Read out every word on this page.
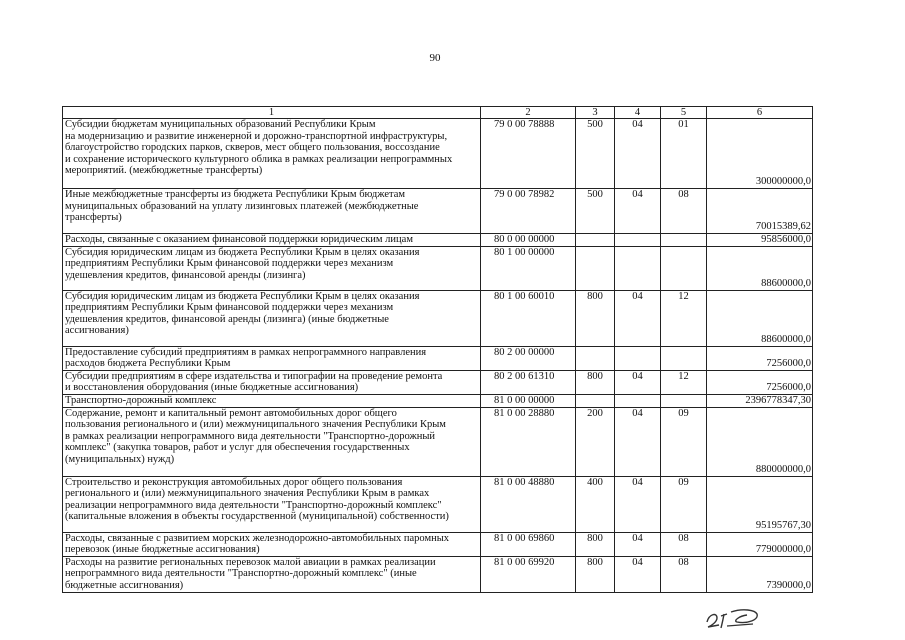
90
1	2	3	4	5	6
Субсидии бюджетам муниципальных образований Республики Крым
на модернизацию и развитие инженерной и дорожно-транспортной инфраструктуры,
благоустройство городских парков, скверов, мест общего пользования, воссоздание
и сохранение исторического культурного облика в рамках реализации непрограммных
мероприятий. (межбюджетные трансферты)	79 0 00 78888	500	04	01	300000000,0
Иные межбюджетные трансферты из бюджета Республики Крым бюджетам
муниципальных образований на уплату лизинговых платежей (межбюджетные
трансферты)	79 0 00 78982	500	04	08	70015389,62
Расходы, связанные с оказанием финансовой поддержки юридическим лицам	80 0 00 00000				95856000,0
Субсидия юридическим лицам из бюджета Республики Крым в целях оказания
предприятиям Республики Крым финансовой поддержки через механизм
удешевления кредитов, финансовой аренды (лизинга)	80 1 00 00000				88600000,0
Субсидия юридическим лицам из бюджета Республики Крым в целях оказания
предприятиям Республики Крым финансовой поддержки через механизм
удешевления кредитов, финансовой аренды (лизинга) (иные бюджетные
ассигнования)	80 1 00 60010	800	04	12	88600000,0
Предоставление субсидий предприятиям в рамках непрограммного направления
расходов бюджета Республики Крым	80 2 00 00000				7256000,0
Субсидии предприятиям в сфере издательства и типографии на проведение ремонта
и восстановления оборудования (иные бюджетные ассигнования)	80 2 00 61310	800	04	12	7256000,0
Транспортно-дорожный комплекс	81 0 00 00000				2396778347,30
Содержание, ремонт и капитальный ремонт автомобильных дорог общего
пользования регионального и (или) межмуниципального значения Республики Крым
в рамках реализации непрограммного вида деятельности "Транспортно-дорожный
комплекс" (закупка товаров, работ и услуг для обеспечения государственных
(муниципальных) нужд)	81 0 00 28880	200	04	09	880000000,0
Строительство и реконструкция автомобильных дорог общего пользования
регионального и (или) межмуниципального значения Республики Крым в рамках
реализации непрограммного вида деятельности "Транспортно-дорожный комплекс"
(капитальные вложения в объекты государственной (муниципальной) собственности)	81 0 00 48880	400	04	09	95195767,30
Расходы, связанные с развитием морских железнодорожно-автомобильных паромных
перевозок (иные бюджетные ассигнования)	81 0 00 69860	800	04	08	779000000,0
Расходы на развитие региональных перевозок малой авиации в рамках реализации
непрограммного вида деятельности "Транспортно-дорожный комплекс" (иные
бюджетные ассигнования)	81 0 00 69920	800	04	08	7390000,0
